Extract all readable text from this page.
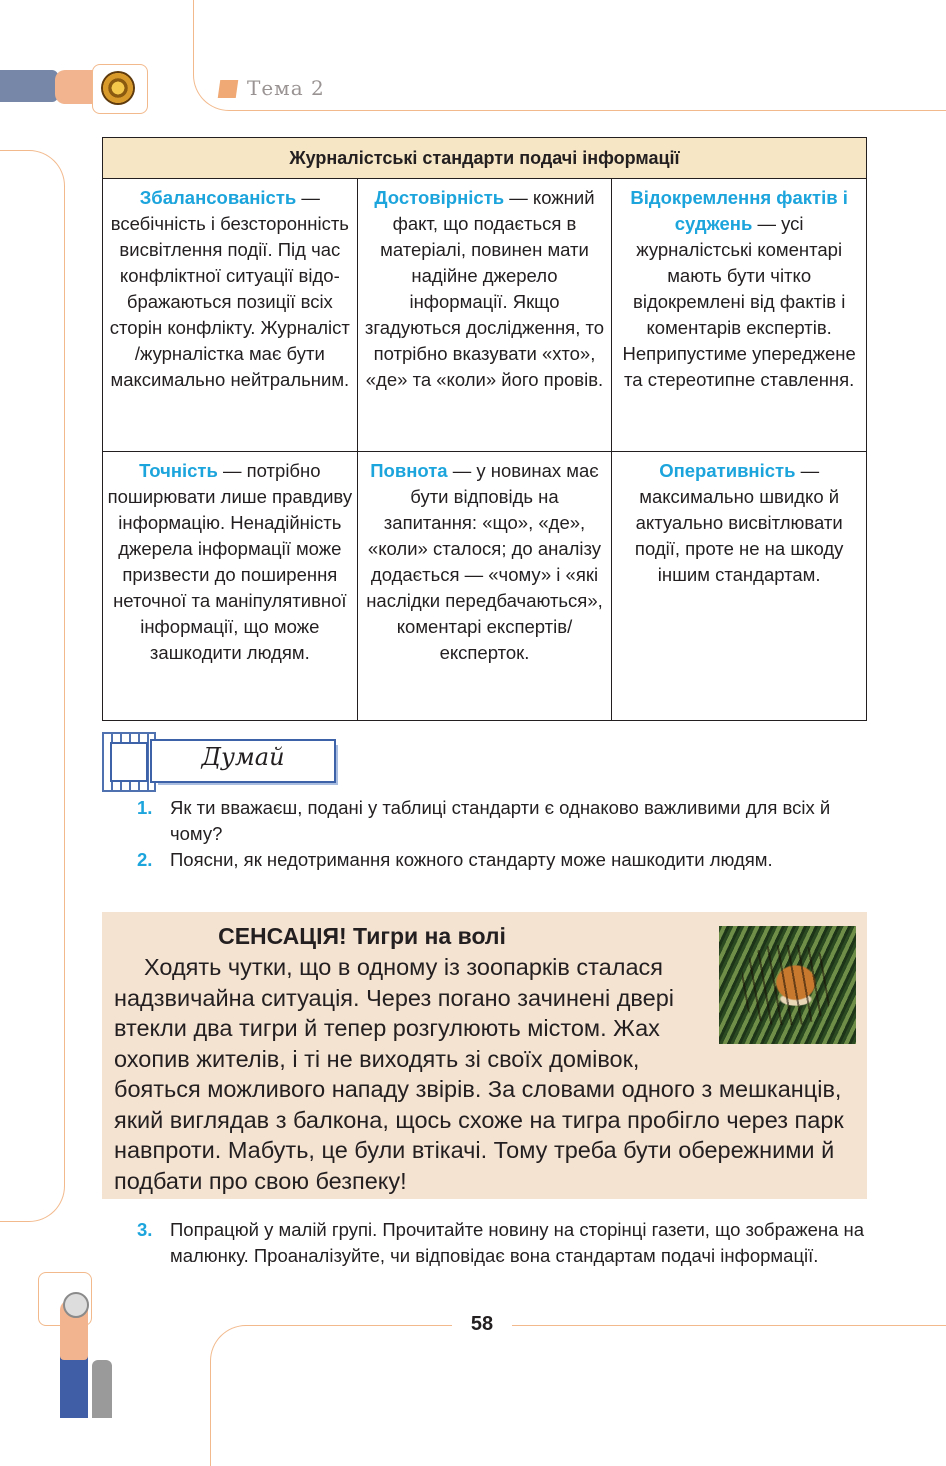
Тема 2
Журналістські стандарти подачі інформації		
Збалансованість — всебічність і безсторонність висвітлення події. Під час конфліктної ситуації відображаються позиції всіх сторін конфлікту. Журналіст /журналістка має бути максимально нейтральним.	Достовірність — кожний факт, що подається в матеріалі, повинен мати надійне джерело інформації. Якщо згадуються дослідження, то потрібно вказувати «хто», «де» та «коли» його провів.	Відокремлення фактів і суджень — усі журналістські коментарі мають бути чітко відокремлені від фактів і коментарів експертів. Неприпустиме упереджене та стереотипне ставлення.
Точність — потрібно поширювати лише правдиву інформацію. Ненадійність джерела інформації може призвести до поширення неточної та маніпулятивної інформації, що може зашкодити людям.	Повнота — у новинах має бути відповідь на запитання: «що», «де», «коли» сталося; до аналізу додається — «чому» і «які наслідки передбачаються», коментарі експертів/ експерток.	Оперативність — максимально швидко й актуально висвітлювати події, проте не на шкоду іншим стандартам.
Думай
1. Як ти вважаєш, подані у таблиці стандарти є однаково важливими для всіх й чому?
2. Поясни, як недотримання кожного стандарту може нашкодити людям.
СЕНСАЦІЯ! Тигри на волі
Ходять чутки, що в одному із зоопарків сталася надзвичайна ситуація. Через погано зачинені двері втекли два тигри й тепер розгулюють містом. Жах охопив жителів, і ті не виходять зі своїх домівок, бояться можливого нападу звірів. За словами одного з мешканців, який виглядав з балкона, щось схоже на тигра пробігло через парк навпроти. Мабуть, це були втікачі. Тому треба бути обережними й подбати про свою безпеку!
3. Попрацюй у малій групі. Прочитайте новину на сторінці газети, що зображена на малюнку. Проаналізуйте, чи відповідає вона стандартам подачі інформації.
58
